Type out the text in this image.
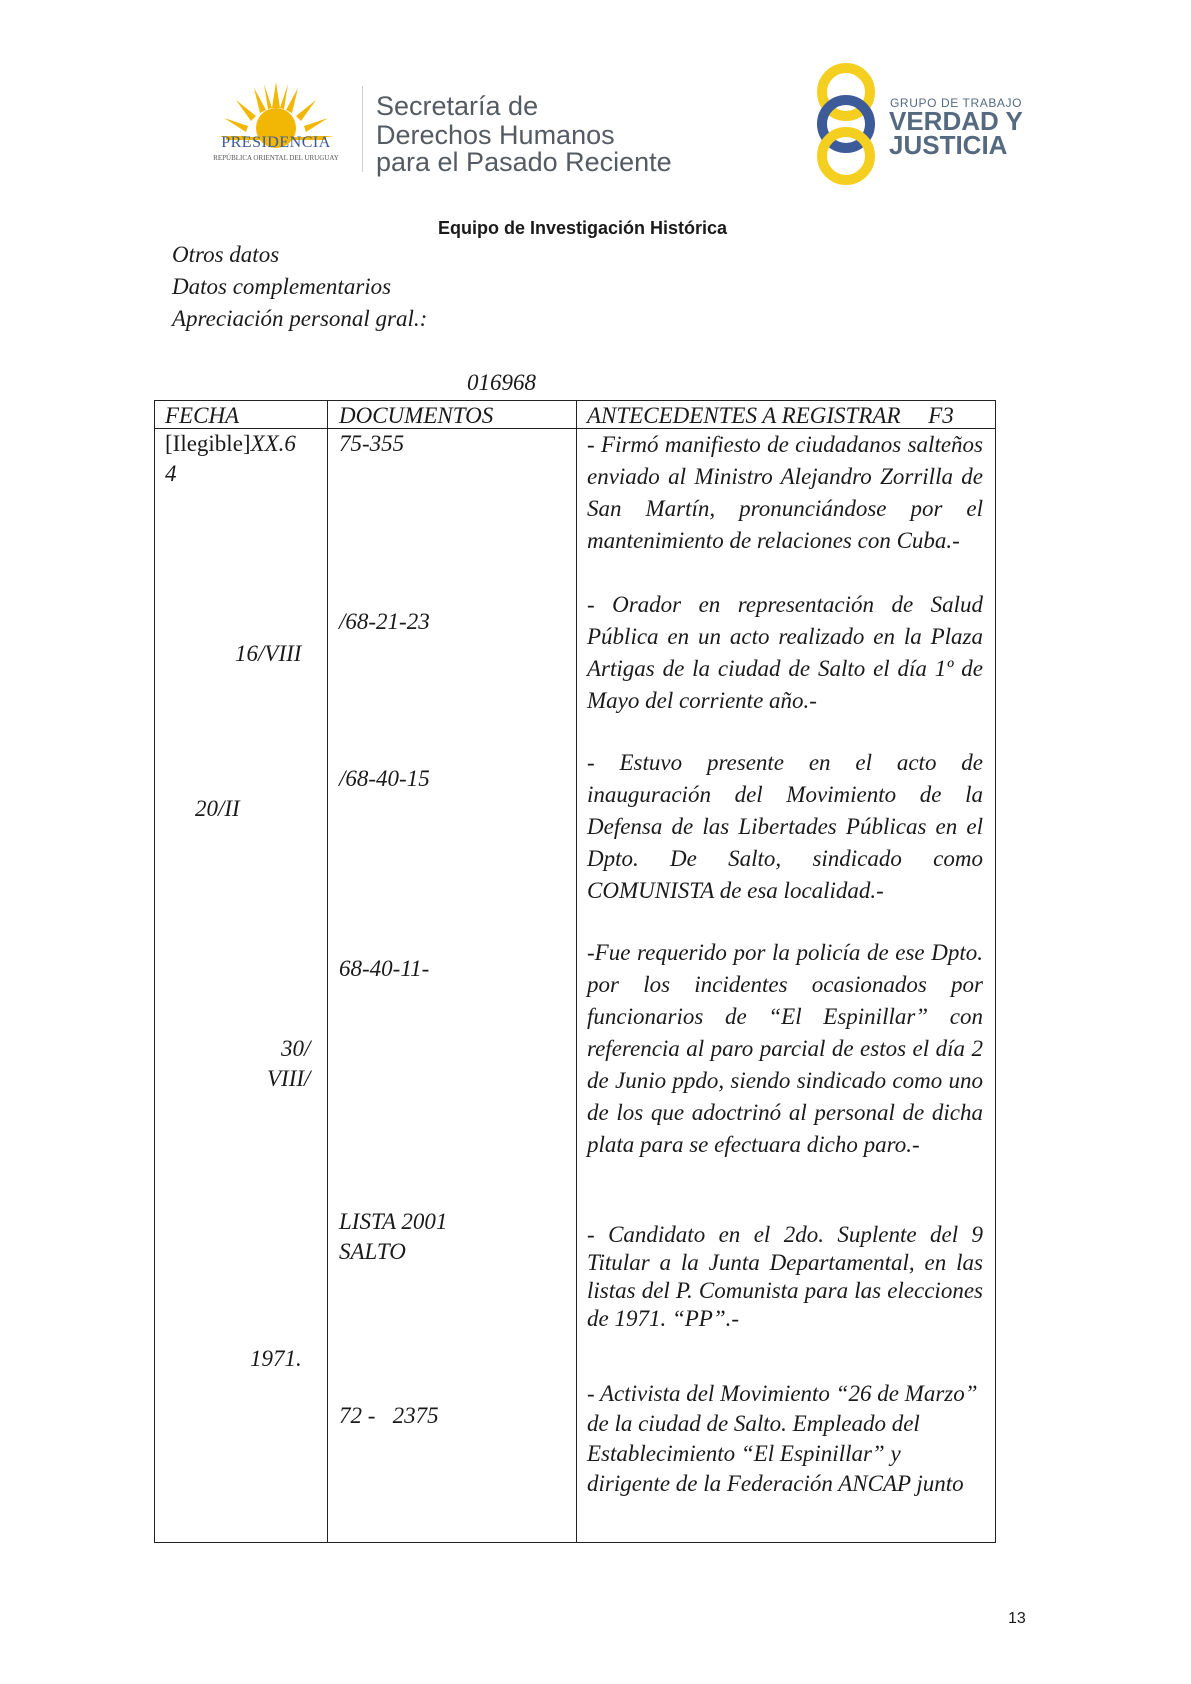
PRESIDENCIA
REPÚBLICA ORIENTAL DEL URUGUAY
Secretaría de
Derechos Humanos
para el Pasado Reciente
GRUPO DE TRABAJO
VERDAD Y
JUSTICIA
Equipo de Investigación Histórica
Otros datos
Datos complementarios
Apreciación personal gral.:
016968
FECHA	DOCUMENTOS	ANTECEDENTES A REGISTRAR F3
[Ilegible]XX.6
4
16/VIII
20/II
30/
VIII/
1971.
75-355
/68-21-23
/68-40-15
68-40-11-
LISTA 2001
SALTO
72 -   2375
- Firmó manifiesto de ciudadanos salteños enviado al Ministro Alejandro Zorrilla de San Martín, pronunciándose por el mantenimiento de relaciones con Cuba.-
- Orador en representación de Salud Pública en un acto realizado en la Plaza Artigas de la ciudad de Salto el día 1º de Mayo del corriente año.-
- Estuvo presente en el acto de inauguración del Movimiento de la Defensa de las Libertades Públicas en el Dpto. De Salto, sindicado como COMUNISTA de esa localidad.-
-Fue requerido por la policía de ese Dpto. por los incidentes ocasionados por funcionarios de “El Espinillar” con referencia al paro parcial de estos el día 2 de Junio ppdo, siendo sindicado como uno de los que adoctrinó al personal de dicha plata para se efectuara dicho paro.-
- Candidato en el 2do. Suplente del 9 Titular a la Junta Departamental, en las listas del P. Comunista para las elecciones de 1971. “PP”.-
- Activista del Movimiento “26 de Marzo” de la ciudad de Salto. Empleado del Establecimiento “El Espinillar” y dirigente de la Federación ANCAP junto
13
